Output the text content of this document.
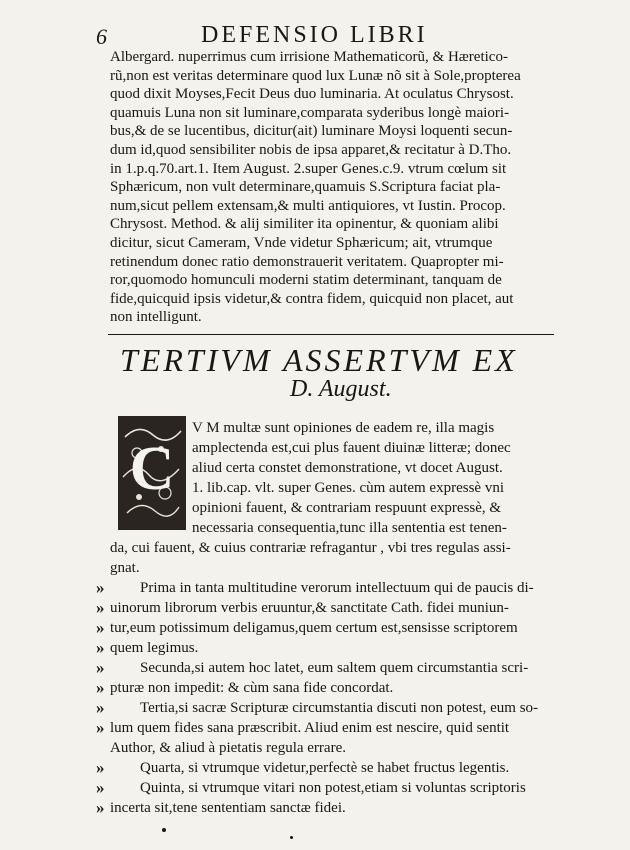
6	DEFENSIO LIBRI
Albergard. nuperrimus cum irrisione Mathematicorũ, & Hæretico-
rũ,non est veritas determinare quod lux Lunæ nõ sit à Sole,propterea
quod dixit Moyses,Fecit Deus duo luminaria. At oculatus Chrysost.
quamuis Luna non sit luminare,comparata syderibus longè maiori-
bus,& de se lucentibus, dicitur(ait) luminare Moysi loquenti secun-
dum id,quod sensibiliter nobis de ipsa apparet,& recitatur à D.Tho.
in 1.p.q.70.art.1. Item August. 2.super Genes.c.9. vtrum cœlum sit
Sphæricum, non vult determinare,quamuis S.Scriptura faciat pla-
num,sicut pellem extensam,& multi antiquiores, vt Iustin. Procop.
Chrysost. Method. & alij similiter ita opinentur, & quoniam alibi
dicitur, sicut Cameram, Vnde videtur Sphæricum; ait, vtrumque
retinendum donec ratio demonstrauerit veritatem. Quapropter mi-
ror,quomodo homunculi moderni statim determinant, tanquam de
fide,quicquid ipsis videtur,& contra fidem, quicquid non placet, aut
non intelligunt.
TERTIVM ASSERTVM EX
D. August.
C
V M multæ sunt opiniones de eadem re, illa magis
amplectenda est,cui plus fauent diuinæ litteræ; donec
aliud certa constet demonstratione, vt docet August.
1. lib.cap. vlt. super Genes. cùm autem expressè vni
opinioni fauent, & contrariam respuunt expressè, &
necessaria consequentia,tunc illa sententia est tenen-
da, cui fauent, & cuius contrariæ refragantur , vbi tres regulas assi-
gnat.
»	Prima in tanta multitudine verorum intellectuum qui de paucis di-
» uinorum librorum verbis eruuntur,& sanctitate Cath. fidei muniun-
» tur,eum potissimum deligamus,quem certum est,sensisse scriptorem
» quem legimus.
»	Secunda,si autem hoc latet, eum saltem quem circumstantia scri-
» pturæ non impedit: & cùm sana fide concordat.
»	Tertia,si sacræ Scripturæ circumstantia discuti non potest, eum so-
» lum quem fides sana præscribit. Aliud enim est nescire, quid sentit
Author, & aliud à pietatis regula errare.
»	Quarta, si vtrumque videtur,perfectè se habet fructus legentis.
»	Quinta, si vtrumque vitari non potest,etiam si voluntas scriptoris
» incerta sit,tene sententiam sanctæ fidei.
